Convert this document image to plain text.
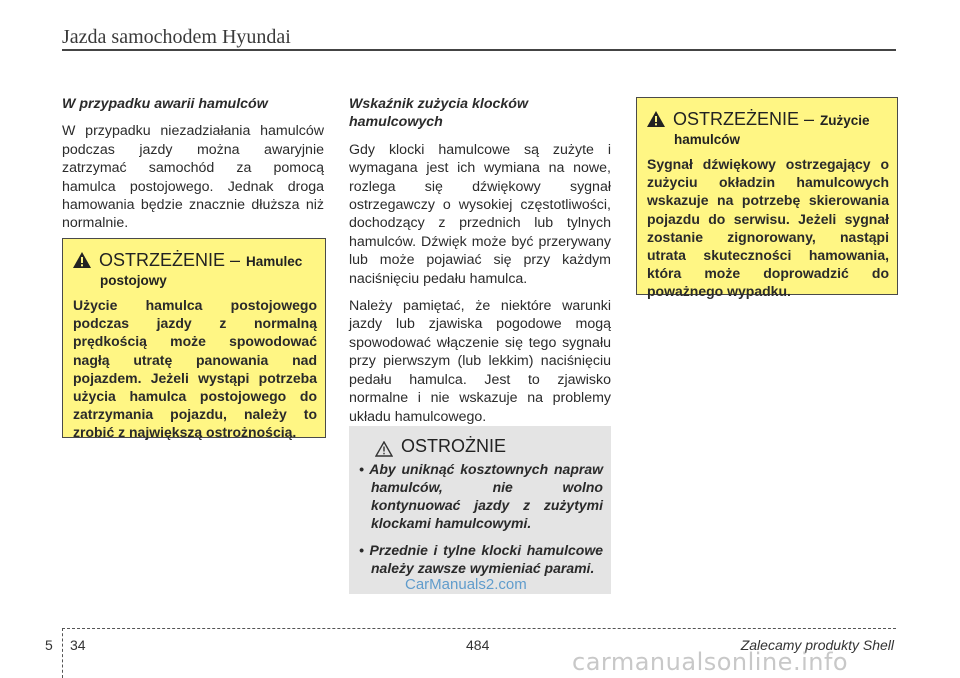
Jazda samochodem Hyundai
W przypadku awarii hamulców

W przypadku niezadziałania hamulców podczas jazdy można awaryjnie zatrzymać samochód za pomocą hamulca postojowego. Jednak droga hamowania będzie znacznie dłuższa niż normalnie.

OSTRZEŻENIE – Hamulec
postojowy
Użycie hamulca postojowego podczas jazdy z normalną prędkością może spowodować nagłą utratę panowania nad pojazdem. Jeżeli wystąpi potrzeba użycia hamulca postojowego do zatrzymania pojazdu, należy to zrobić z największą ostrożnością.
Wskaźnik zużycia klocków hamulcowych

Gdy klocki hamulcowe są zużyte i wymagana jest ich wymiana na nowe, rozlega się dźwiękowy sygnał ostrzegawczy o wysokiej częstotliwości, dochodzący z przednich lub tylnych hamulców. Dźwięk może być przerywany lub może pojawiać się przy każdym naciśnięciu pedału hamulca.

Należy pamiętać, że niektóre warunki jazdy lub zjawiska pogodowe mogą spowodować włączenie się tego sygnału przy pierwszym (lub lekkim) naciśnięciu pedału hamulca. Jest to zjawisko normalne i nie wskazuje na problemy układu hamulcowego.

OSTROŻNIE
• Aby uniknąć kosztownych napraw hamulców, nie wolno kontynuować jazdy z zużytymi klockami hamulcowymi.
• Przednie i tylne klocki hamulcowe należy zawsze wymieniać parami.
CarManuals2.com
OSTRZEŻENIE – Zużycie
hamulców
Sygnał dźwiękowy ostrzegający o zużyciu okładzin hamulcowych wskazuje na potrzebę skierowania pojazdu do serwisu. Jeżeli sygnał zostanie zignorowany, nastąpi utrata skuteczności hamowania, która może doprowadzić do poważnego wypadku.
5 34	484	Zalecamy produkty Shell
carmanualsonline.info
